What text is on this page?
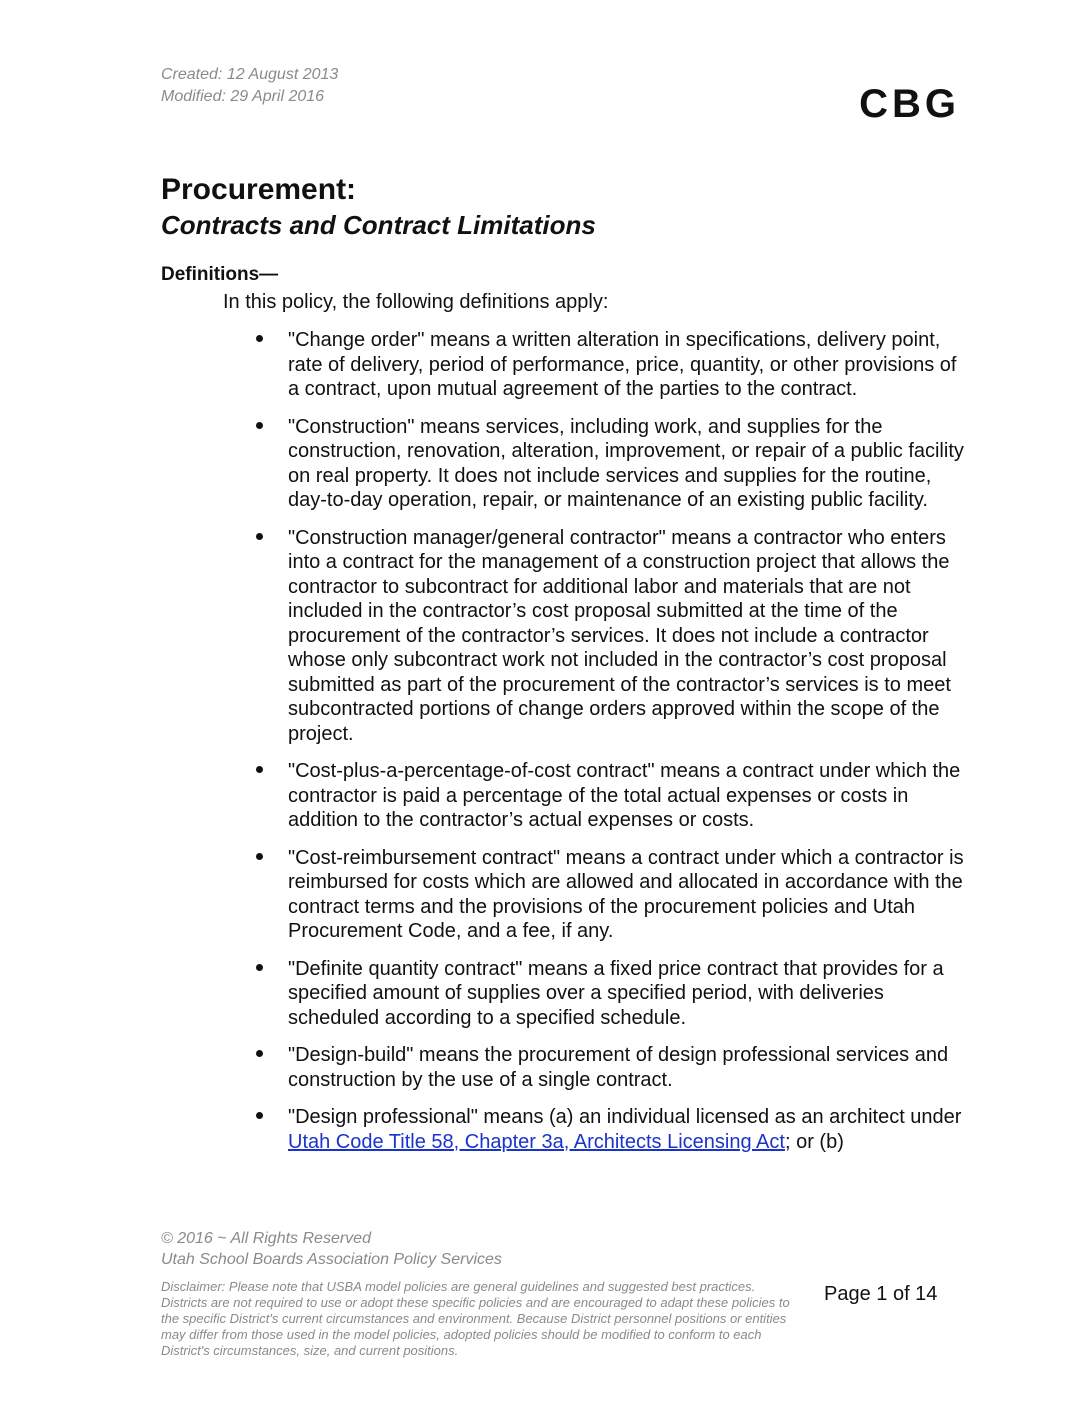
Created: 12 August 2013
Modified: 29 April 2016	CBG
Procurement:
Contracts and Contract Limitations
Definitions—
In this policy, the following definitions apply:
"Change order" means a written alteration in specifications, delivery point, rate of delivery, period of performance, price, quantity, or other provisions of a contract, upon mutual agreement of the parties to the contract.
"Construction" means services, including work, and supplies for the construction, renovation, alteration, improvement, or repair of a public facility on real property. It does not include services and supplies for the routine, day-to-day operation, repair, or maintenance of an existing public facility.
"Construction manager/general contractor" means a contractor who enters into a contract for the management of a construction project that allows the contractor to subcontract for additional labor and materials that are not included in the contractor’s cost proposal submitted at the time of the procurement of the contractor’s services. It does not include a contractor whose only subcontract work not included in the contractor’s cost proposal submitted as part of the procurement of the contractor’s services is to meet subcontracted portions of change orders approved within the scope of the project.
"Cost-plus-a-percentage-of-cost contract" means a contract under which the contractor is paid a percentage of the total actual expenses or costs in addition to the contractor’s actual expenses or costs.
"Cost-reimbursement contract" means a contract under which a contractor is reimbursed for costs which are allowed and allocated in accordance with the contract terms and the provisions of the procurement policies and Utah Procurement Code, and a fee, if any.
"Definite quantity contract" means a fixed price contract that provides for a specified amount of supplies over a specified period, with deliveries scheduled according to a specified schedule.
"Design-build" means the procurement of design professional services and construction by the use of a single contract.
"Design professional" means (a) an individual licensed as an architect under Utah Code Title 58, Chapter 3a, Architects Licensing Act; or (b)
© 2016 ~ All Rights Reserved
Utah School Boards Association Policy Services
Disclaimer: Please note that USBA model policies are general guidelines and suggested best practices. Districts are not required to use or adopt these specific policies and are encouraged to adapt these policies to the specific District's current circumstances and environment. Because District personnel positions or entities may differ from those used in the model policies, adopted policies should be modified to conform to each District's circumstances, size, and current positions.
Page 1 of 14
